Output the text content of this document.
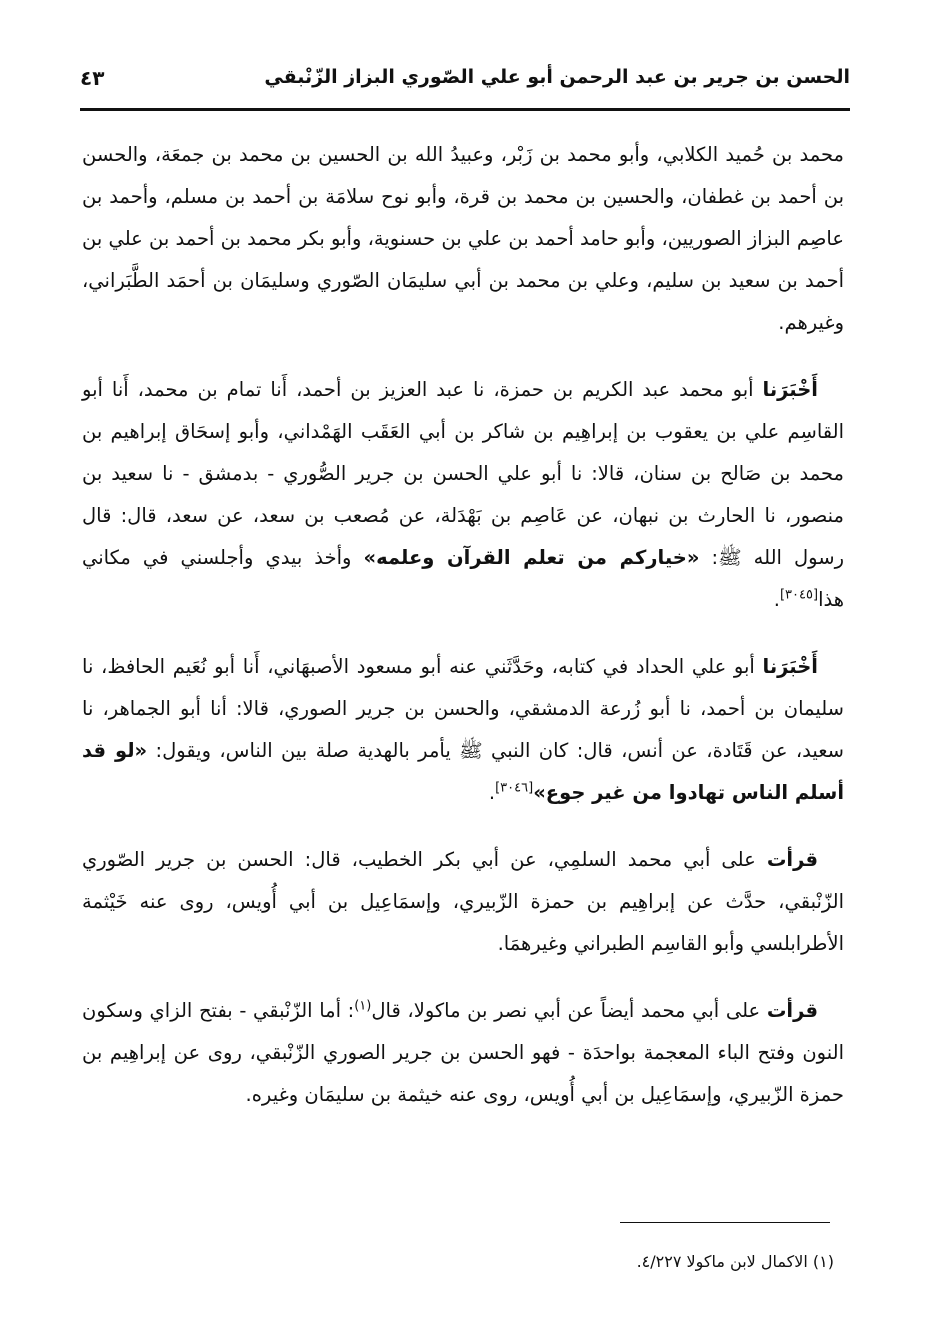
الحسن بن جرير بن عبد الرحمن أبو علي الصّوري البزاز الزّنْبقي
٤٣

محمد بن حُميد الكلابي، وأبو محمد بن زَبْر، وعبيدُ الله بن الحسين بن محمد بن جمعَة، والحسن بن أحمد بن غطفان، والحسين بن محمد بن قرة، وأبو نوح سلامَة بن أحمد بن مسلم، وأحمد بن عاصِم البزاز الصوريين، وأبو حامد أحمد بن علي بن حسنوية، وأبو بكر محمد بن أحمد بن علي بن أحمد بن سعيد بن سليم، وعلي بن محمد بن أبي سليمَان الصّوري وسليمَان بن أحمَد الطَّبَراني، وغيرهم.

أَخْبَرَنا أبو محمد عبد الكريم بن حمزة، نا عبد العزيز بن أحمد، أَنا تمام بن محمد، أَنا أبو القاسِم علي بن يعقوب بن إبراهِيم بن شاكر بن أبي العَقَب الهَمْداني، وأبو إسحَاق إبراهيم بن محمد بن صَالح بن سنان، قالا: نا أبو علي الحسن بن جرير الصُّوري - بدمشق - نا سعيد بن منصور، نا الحارث بن نبهان، عن عَاصِم بن بَهْدَلة، عن مُصعب بن سعد، عن سعد، قال: قال رسول الله ﷺ: «خياركم من تعلم القرآن وعلمه» وأخذ بيدي وأجلسني في مكاني هذا[٣٠٤٥].

أَخْبَرَنا أبو علي الحداد في كتابه، وحَدَّثَني عنه أبو مسعود الأصبهَاني، أَنا أبو نُعَيم الحافظ، نا سليمان بن أحمد، نا أبو زُرعة الدمشقي، والحسن بن جرير الصوري، قالا: أنا أبو الجماهر، نا سعيد، عن قَتَادة، عن أنس، قال: كان النبي ﷺ يأمر بالهدية صلة بين الناس، ويقول: «لو قد أسلم الناس تهادوا من غير جوع»[٣٠٤٦].

قرأت على أبي محمد السلمِي، عن أبي بكر الخطيب، قال: الحسن بن جرير الصّوري الزّنْبقي، حدَّث عن إبراهِيم بن حمزة الزّبيري، وإسمَاعِيل بن أبي أُويس، روى عنه خَيْثمة الأطرابلسي وأبو القاسِم الطبراني وغيرهمَا.

قرأت على أبي محمد أيضاً عن أبي نصر بن ماكولا، قال$^{(١)}$: أما الزّنْبقي - بفتح الزاي وسكون النون وفتح الباء المعجمة بواحدَة - فهو الحسن بن جرير الصوري الزّنْبقي، روى عن إبراهِيم بن حمزة الزّبيري، وإسمَاعِيل بن أبي أُويس، روى عنه خيثمة بن سليمَان وغيره.

(١) الاكمال لابن ماكولا ٤/٢٢٧.
